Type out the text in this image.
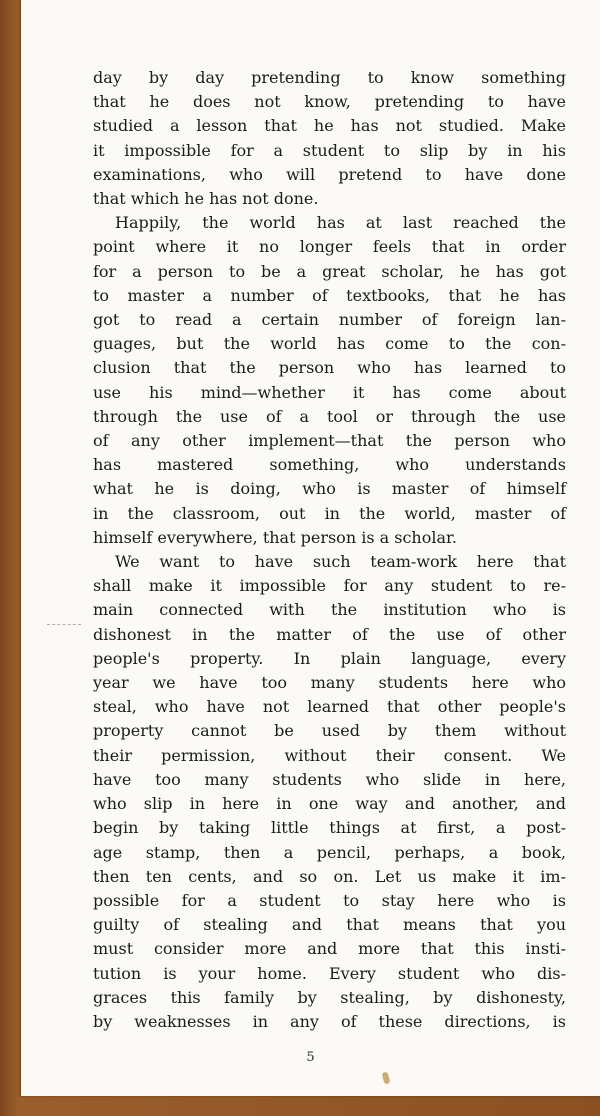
day by day pretending to know something
that he does not know, pretending to have
studied a lesson that he has not studied. Make
it impossible for a student to slip by in his
examinations, who will pretend to have done
that which he has not done.
Happily, the world has at last reached the
point where it no longer feels that in order
for a person to be a great scholar, he has got
to master a number of textbooks, that he has
got to read a certain number of foreign lan-
guages, but the world has come to the con-
clusion that the person who has learned to
use his mind—whether it has come about
through the use of a tool or through the use
of any other implement—that the person who
has mastered something, who understands
what he is doing, who is master of himself
in the classroom, out in the world, master of
himself everywhere, that person is a scholar.
We want to have such team-work here that
shall make it impossible for any student to re-
main connected with the institution who is
dishonest in the matter of the use of other
people's property. In plain language, every
year we have too many students here who
steal, who have not learned that other people's
property cannot be used by them without
their permission, without their consent. We
have too many students who slide in here,
who slip in here in one way and another, and
begin by taking little things at first, a post-
age stamp, then a pencil, perhaps, a book,
then ten cents, and so on. Let us make it im-
possible for a student to stay here who is
guilty of stealing and that means that you
must consider more and more that this insti-
tution is your home. Every student who dis-
graces this family by stealing, by dishonesty,
by weaknesses in any of these directions, is
5
